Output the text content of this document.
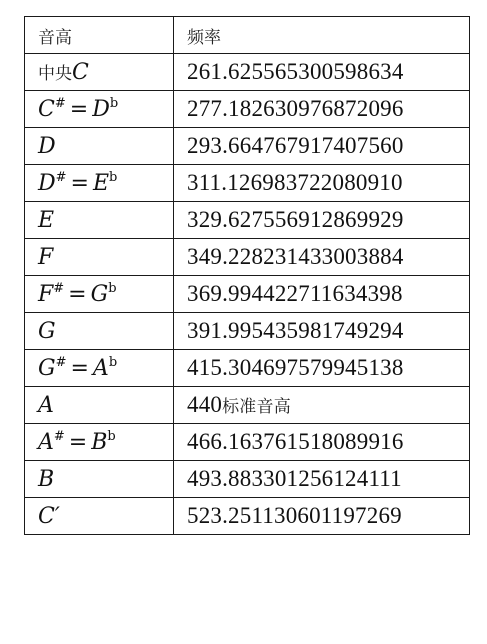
音高	频率
中央C	261.625565300598634
$C^{\#} = D^b$	277.182630976872096
D	293.664767917407560
$D^{\#} = E^b$	311.126983722080910
E	329.627556912869929
F	349.228231433003884
$F^{\#} = G^b$	369.994422711634398
G	391.995435981749294
$G^{\#} = A^b$	415.304697579945138
A	440标准音高
$A^{\#} = B^b$	466.163761518089916
B	493.883301256124111
C′	523.251130601197269
